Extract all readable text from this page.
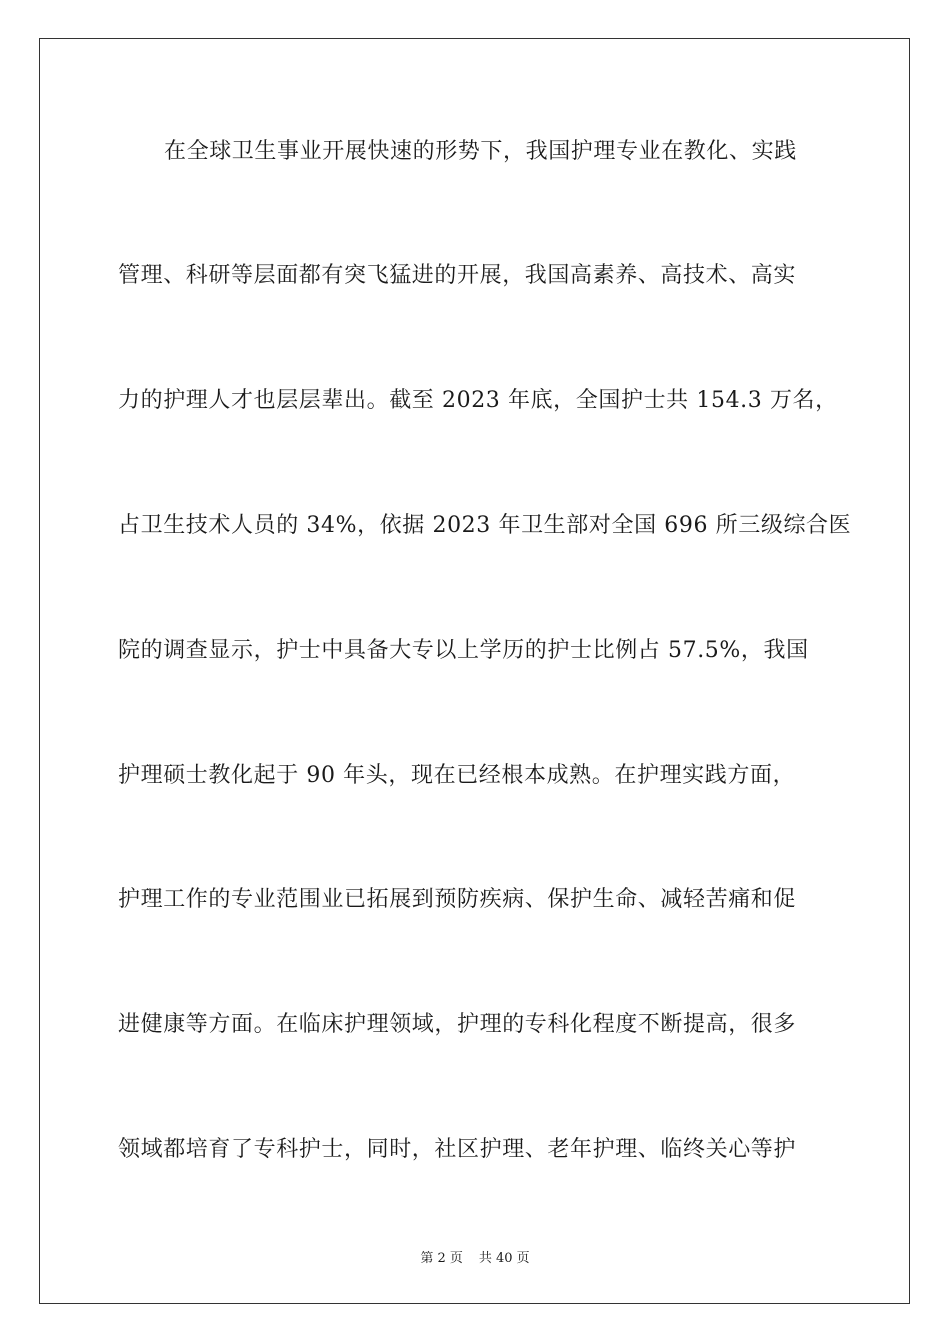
在全球卫生事业开展快速的形势下，我国护理专业在教化、实践
管理、科研等层面都有突飞猛进的开展，我国高素养、高技术、高实
力的护理人才也层层辈出。截至 2023 年底，全国护士共 154.3 万名，
占卫生技术人员的 34%，依据 2023 年卫生部对全国 696 所三级综合医
院的调查显示，护士中具备大专以上学历的护士比例占 57.5%，我国
护理硕士教化起于 90 年头，现在已经根本成熟。在护理实践方面，
护理工作的专业范围业已拓展到预防疾病、保护生命、减轻苦痛和促
进健康等方面。在临床护理领域，护理的专科化程度不断提高，很多
领域都培育了专科护士，同时，社区护理、老年护理、临终关心等护
第 2 页 共 40 页
